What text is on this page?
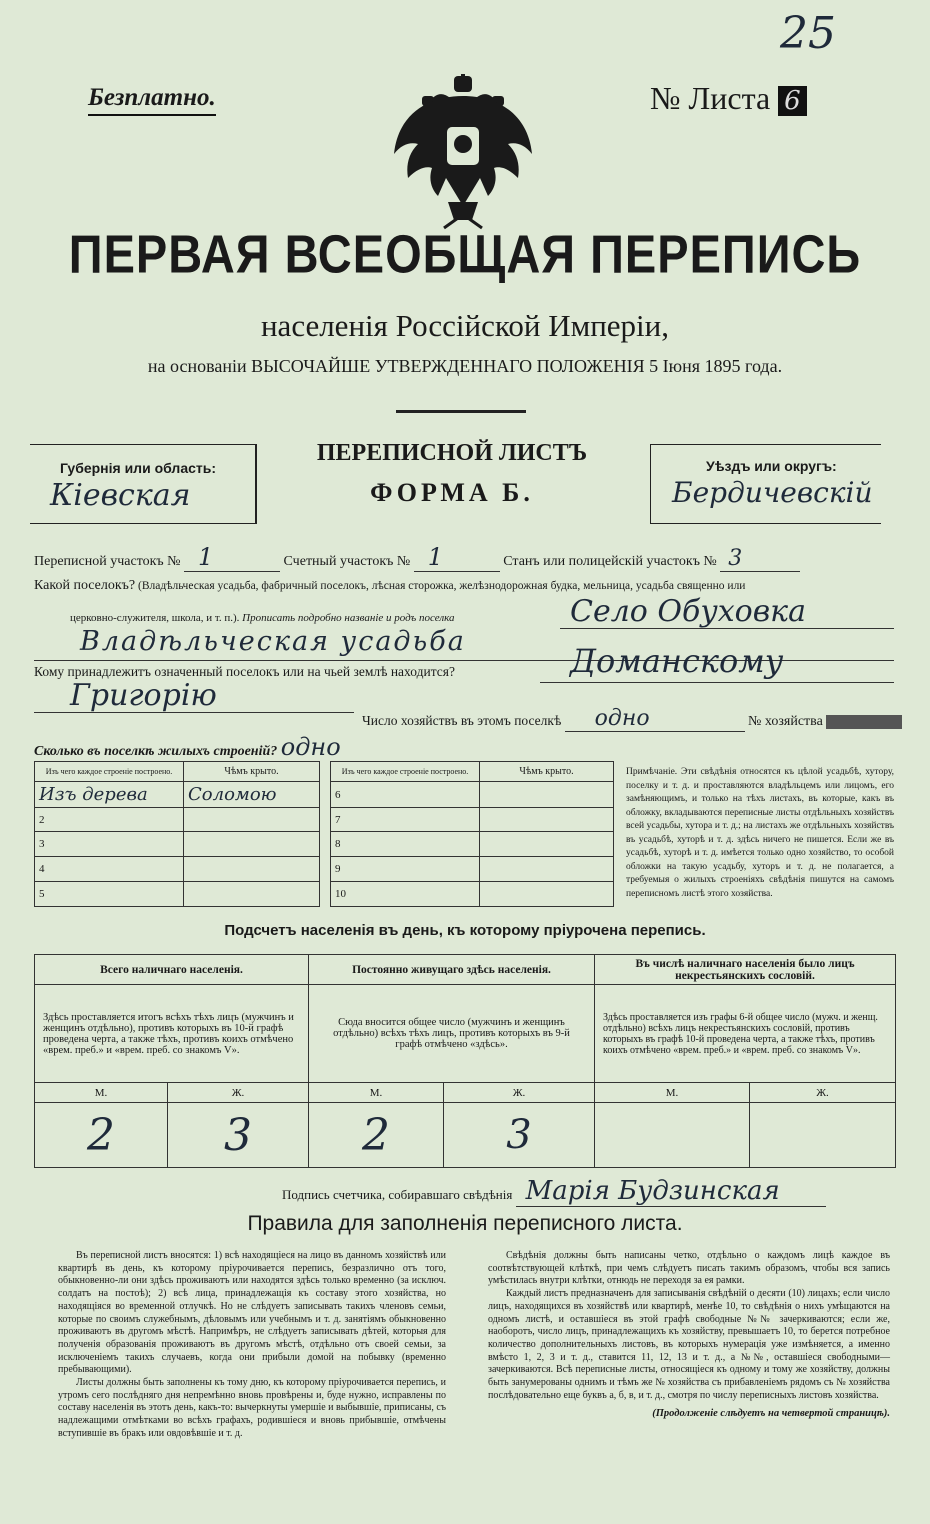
Безплатно.	№ Листа 6
25
ПЕРВАЯ ВСЕОБЩАЯ ПЕРЕПИСЬ
населенія Россійской Имперіи,
на основаніи ВЫСОЧАЙШЕ УТВЕРЖДЕННАГО ПОЛОЖЕНІЯ 5 Іюня 1895 года.
Губернія или область:
Кіевская
ПЕРЕПИСНОЙ ЛИСТЪ
ФОРМА Б.
Уѣздъ или округъ:
Бердичевскій
Переписной участокъ № 1	Счетный участокъ № 1	Станъ или полицейскій участокъ № 3
Какой поселокъ? (Владѣльческая усадьба, фабричный поселокъ, лѣсная сторожка, желѣзнодорожная будка, мельница, усадьба священно или
церковно-служителя, школа, и т. п.). Прописать подробно названіе и родъ поселка	Село Обуховка
Владѣльческая усадьба
Кому принадлежитъ означенный поселокъ или на чьей землѣ находится?	Доманскому
Григорію
Число хозяйствъ въ этомъ поселкѣ одно	№ хозяйства
Сколько въ поселкѣ жилыхъ строеній? одно
Изъ чего каждое строеніе построено.	Чѣмъ крыто.
Изъ дерева	Соломою
2	
3	
4	
5	
Изъ чего каждое строеніе построено.	Чѣмъ крыто.
6	
7	
8	
9	
10	
Примѣчаніе. Эти свѣдѣнія относятся къ цѣлой усадьбѣ, хутору, поселку и т. д. и проставляются владѣльцемъ или лицомъ, его замѣняющимъ, и только на тѣхъ листахъ, въ которые, какъ въ обложку, вкладываются переписные листы отдѣльныхъ хозяйствъ всей усадьбы, хутора и т. д.; на листахъ же отдѣльныхъ хозяйствъ въ усадьбѣ, хуторѣ и т. д. здѣсь ничего не пишется. Если же въ усадьбѣ, хуторѣ и т. д. имѣется только одно хозяйство, то особой обложки на такую усадьбу, хуторъ и т. д. не полагается, а требуемыя о жилыхъ строеніяхъ свѣдѣнія пишутся на самомъ переписномъ листѣ этого хозяйства.
Подсчетъ населенія въ день, къ которому пріурочена перепись.
Всего наличнаго населенія.		Постоянно живущаго здѣсь населенія.		Въ числѣ наличнаго населенія было лицъ некрестьянскихъ сословій.	
Здѣсь проставляется итогъ всѣхъ тѣхъ лицъ (мужчинъ и женщинъ отдѣльно), противъ которыхъ въ 10-й графѣ проведена черта, а также тѣхъ, противъ коихъ отмѣчено «врем. преб.» и «врем. преб. со знакомъ V».		Сюда вносится общее число (мужчинъ и женщинъ отдѣльно) всѣхъ тѣхъ лицъ, противъ которыхъ въ 9-й графѣ отмѣчено «здѣсь».		Здѣсь проставляется изъ графы 6-й общее число (мужч. и женщ. отдѣльно) всѣхъ лицъ некрестьянскихъ сословій, противъ которыхъ въ графѣ 10-й проведена черта, а также тѣхъ, противъ коихъ отмѣчено «врем. преб.» и «врем. преб. со знакомъ V».	
М.	Ж.	М.	Ж.	М.	Ж.
2	3	2	3		
Подпись счетчика, собиравшаго свѣдѣнія Марія Будзинская
Правила для заполненія переписного листа.
Въ переписной листъ вносятся: 1) всѣ находящіеся на лицо въ данномъ хозяйствѣ или квартирѣ въ день, къ которому пріурочивается перепись, безразлично отъ того, обыкновенно-ли они здѣсь проживаютъ или находятся здѣсь только временно (за исключ. солдатъ на постоѣ); 2) всѣ лица, принадлежащія къ составу этого хозяйства, но находящіяся во временной отлучкѣ. Но не слѣдуетъ записывать такихъ членовъ семьи, которые по своимъ служебнымъ, дѣловымъ или учебнымъ и т. д. занятіямъ обыкновенно проживаютъ въ другомъ мѣстѣ. Напримѣръ, не слѣдуетъ записывать дѣтей, которыя для полученія образованія проживаютъ въ другомъ мѣстѣ, отдѣльно отъ своей семьи, за исключеніемъ такихъ случаевъ, когда они прибыли домой на побывку (временно пребывающими).
Листы должны быть заполнены къ тому дню, къ которому пріурочивается перепись, и утромъ сего послѣдняго дня непремѣнно вновь провѣрены и, буде нужно, исправлены по составу населенія въ этотъ день, какъ-то: вычеркнуты умершіе и выбывшіе, приписаны, съ надлежащими отмѣтками во всѣхъ графахъ, родившіеся и вновь прибывшіе, отмѣчены вступившіе въ бракъ или овдовѣвшіе и т. д.
Свѣдѣнія должны быть написаны четко, отдѣльно о каждомъ лицѣ каждое въ соотвѣтствующей клѣткѣ, при чемъ слѣдуетъ писать такимъ образомъ, чтобы вся запись умѣстилась внутри клѣтки, отнюдь не переходя за ея рамки.
Каждый листъ предназначенъ для записыванія свѣдѣній о десяти (10) лицахъ; если число лицъ, находящихся въ хозяйствѣ или квартирѣ, менѣе 10, то свѣдѣнія о нихъ умѣщаются на одномъ листѣ, и оставшіеся въ этой графѣ свободные №№ зачеркиваются; если же, наоборотъ, число лицъ, принадлежащихъ къ хозяйству, превышаетъ 10, то берется потребное количество дополнительныхъ листовъ, въ которыхъ нумерація уже измѣняется, а именно вмѣсто 1, 2, 3 и т. д., ставится 11, 12, 13 и т. д., а №№, оставшіеся свободными—зачеркиваются. Всѣ переписные листы, относящіеся къ одному и тому же хозяйству, должны быть занумерованы однимъ и тѣмъ же № хозяйства съ прибавленіемъ рядомъ съ № хозяйства послѣдовательно еще буквъ а, б, в, и т. д., смотря по числу переписныхъ листовъ хозяйства.
(Продолженіе слѣдуетъ на четвертой страницѣ).
